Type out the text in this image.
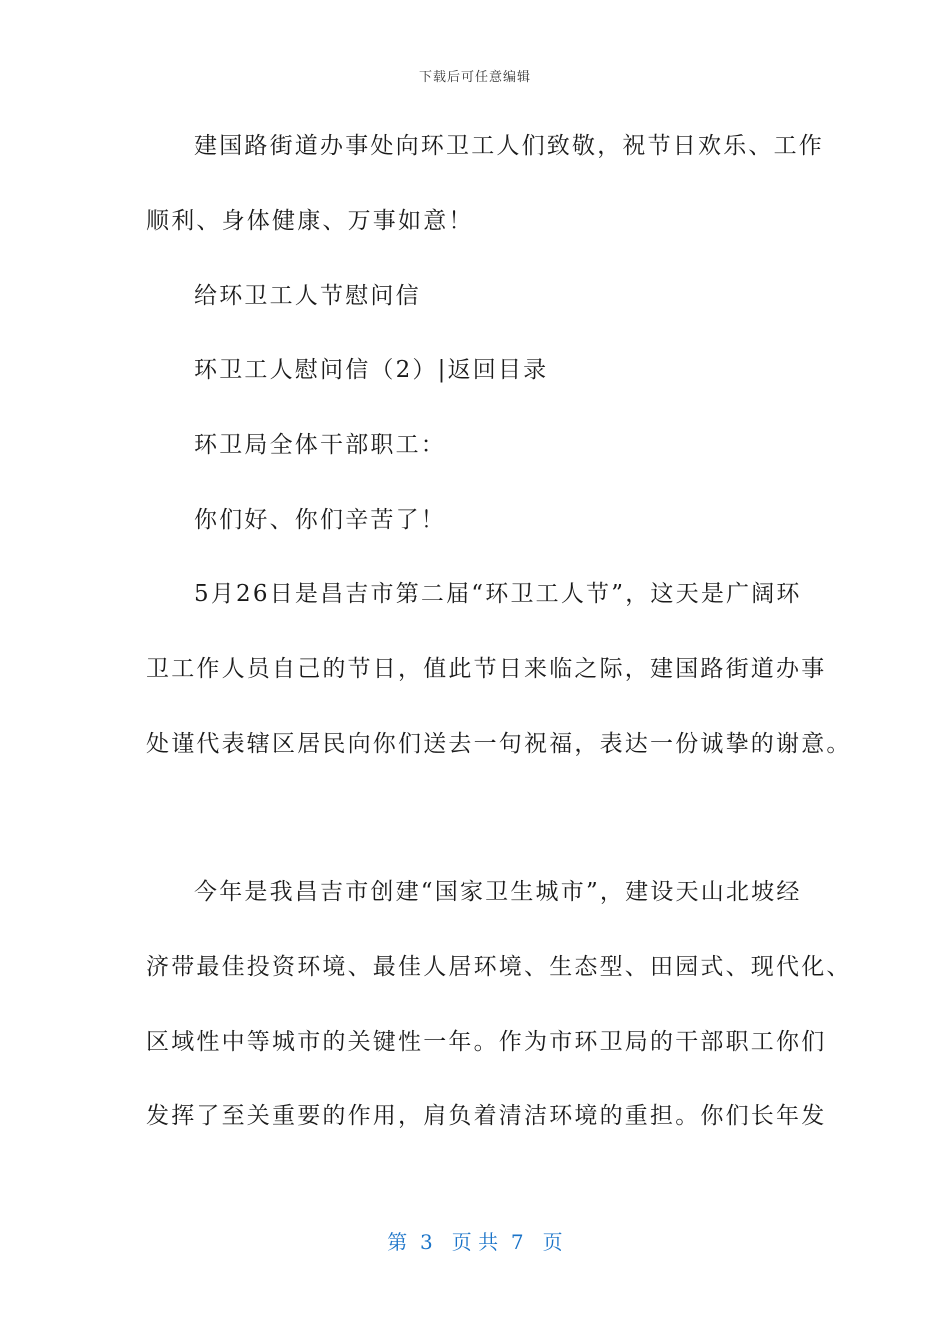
下载后可任意编辑
建国路街道办事处向环卫工人们致敬，祝节日欢乐、工作
顺利、身体健康、万事如意！
给环卫工人节慰问信
环卫工人慰问信（2）|返回目录
环卫局全体干部职工：
你们好、你们辛苦了！
5月26日是昌吉市第二届“环卫工人节”，这天是广阔环
卫工作人员自己的节日，值此节日来临之际，建国路街道办事
处谨代表辖区居民向你们送去一句祝福，表达一份诚挚的谢意。
今年是我昌吉市创建“国家卫生城市”，建设天山北坡经
济带最佳投资环境、最佳人居环境、生态型、田园式、现代化、
区域性中等城市的关键性一年。作为市环卫局的干部职工你们
发挥了至关重要的作用，肩负着清洁环境的重担。你们长年发
第  3   页 共  7   页
